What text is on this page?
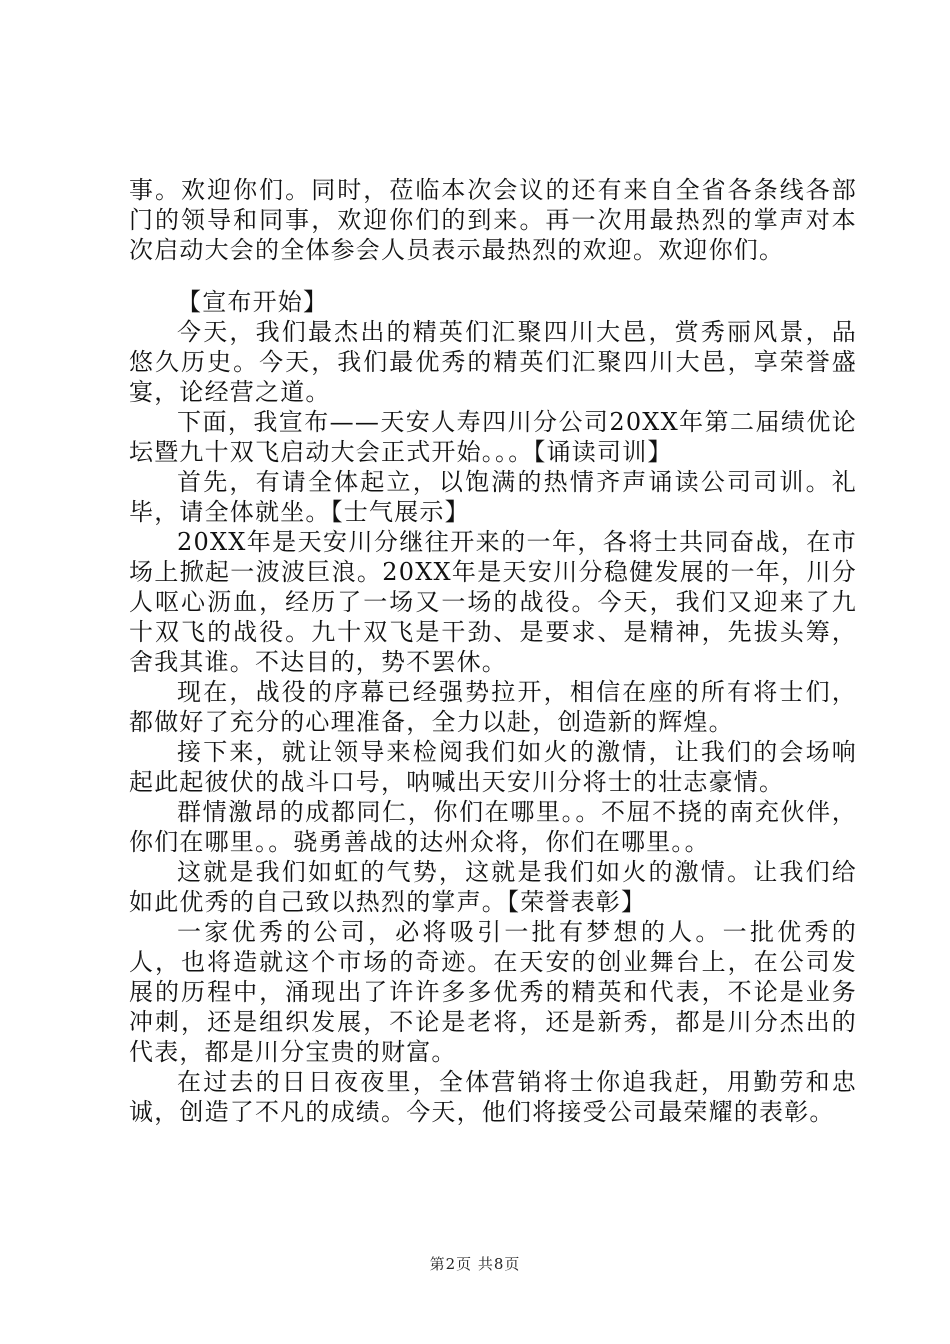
事。欢迎你们。同时，莅临本次会议的还有来自全省各条线各部门的领导和同事，欢迎你们的到来。再一次用最热烈的掌声对本次启动大会的全体参会人员表示最热烈的欢迎。欢迎你们。

【宣布开始】

今天，我们最杰出的精英们汇聚四川大邑，赏秀丽风景，品悠久历史。今天，我们最优秀的精英们汇聚四川大邑，享荣誉盛宴，论经营之道。

下面，我宣布——天安人寿四川分公司20XX年第二届绩优论坛暨九十双飞启动大会正式开始。。。【诵读司训】

首先，有请全体起立，以饱满的热情齐声诵读公司司训。礼毕，请全体就坐。【士气展示】

20XX年是天安川分继往开来的一年，各将士共同奋战，在市场上掀起一波波巨浪。20XX年是天安川分稳健发展的一年，川分人呕心沥血，经历了一场又一场的战役。今天，我们又迎来了九十双飞的战役。九十双飞是干劲、是要求、是精神，先拔头筹，舍我其谁。不达目的，势不罢休。

现在，战役的序幕已经强势拉开，相信在座的所有将士们，都做好了充分的心理准备，全力以赴，创造新的辉煌。

接下来，就让领导来检阅我们如火的激情，让我们的会场响起此起彼伏的战斗口号，呐喊出天安川分将士的壮志豪情。

群情激昂的成都同仁，你们在哪里。。不屈不挠的南充伙伴，你们在哪里。。骁勇善战的达州众将，你们在哪里。。

这就是我们如虹的气势，这就是我们如火的激情。让我们给如此优秀的自己致以热烈的掌声。【荣誉表彰】

一家优秀的公司，必将吸引一批有梦想的人。一批优秀的人，也将造就这个市场的奇迹。在天安的创业舞台上，在公司发展的历程中，涌现出了许许多多优秀的精英和代表，不论是业务冲刺，还是组织发展，不论是老将，还是新秀，都是川分杰出的代表，都是川分宝贵的财富。

在过去的日日夜夜里，全体营销将士你追我赶，用勤劳和忠诚，创造了不凡的成绩。今天，他们将接受公司最荣耀的表彰。

第2页 共8页
